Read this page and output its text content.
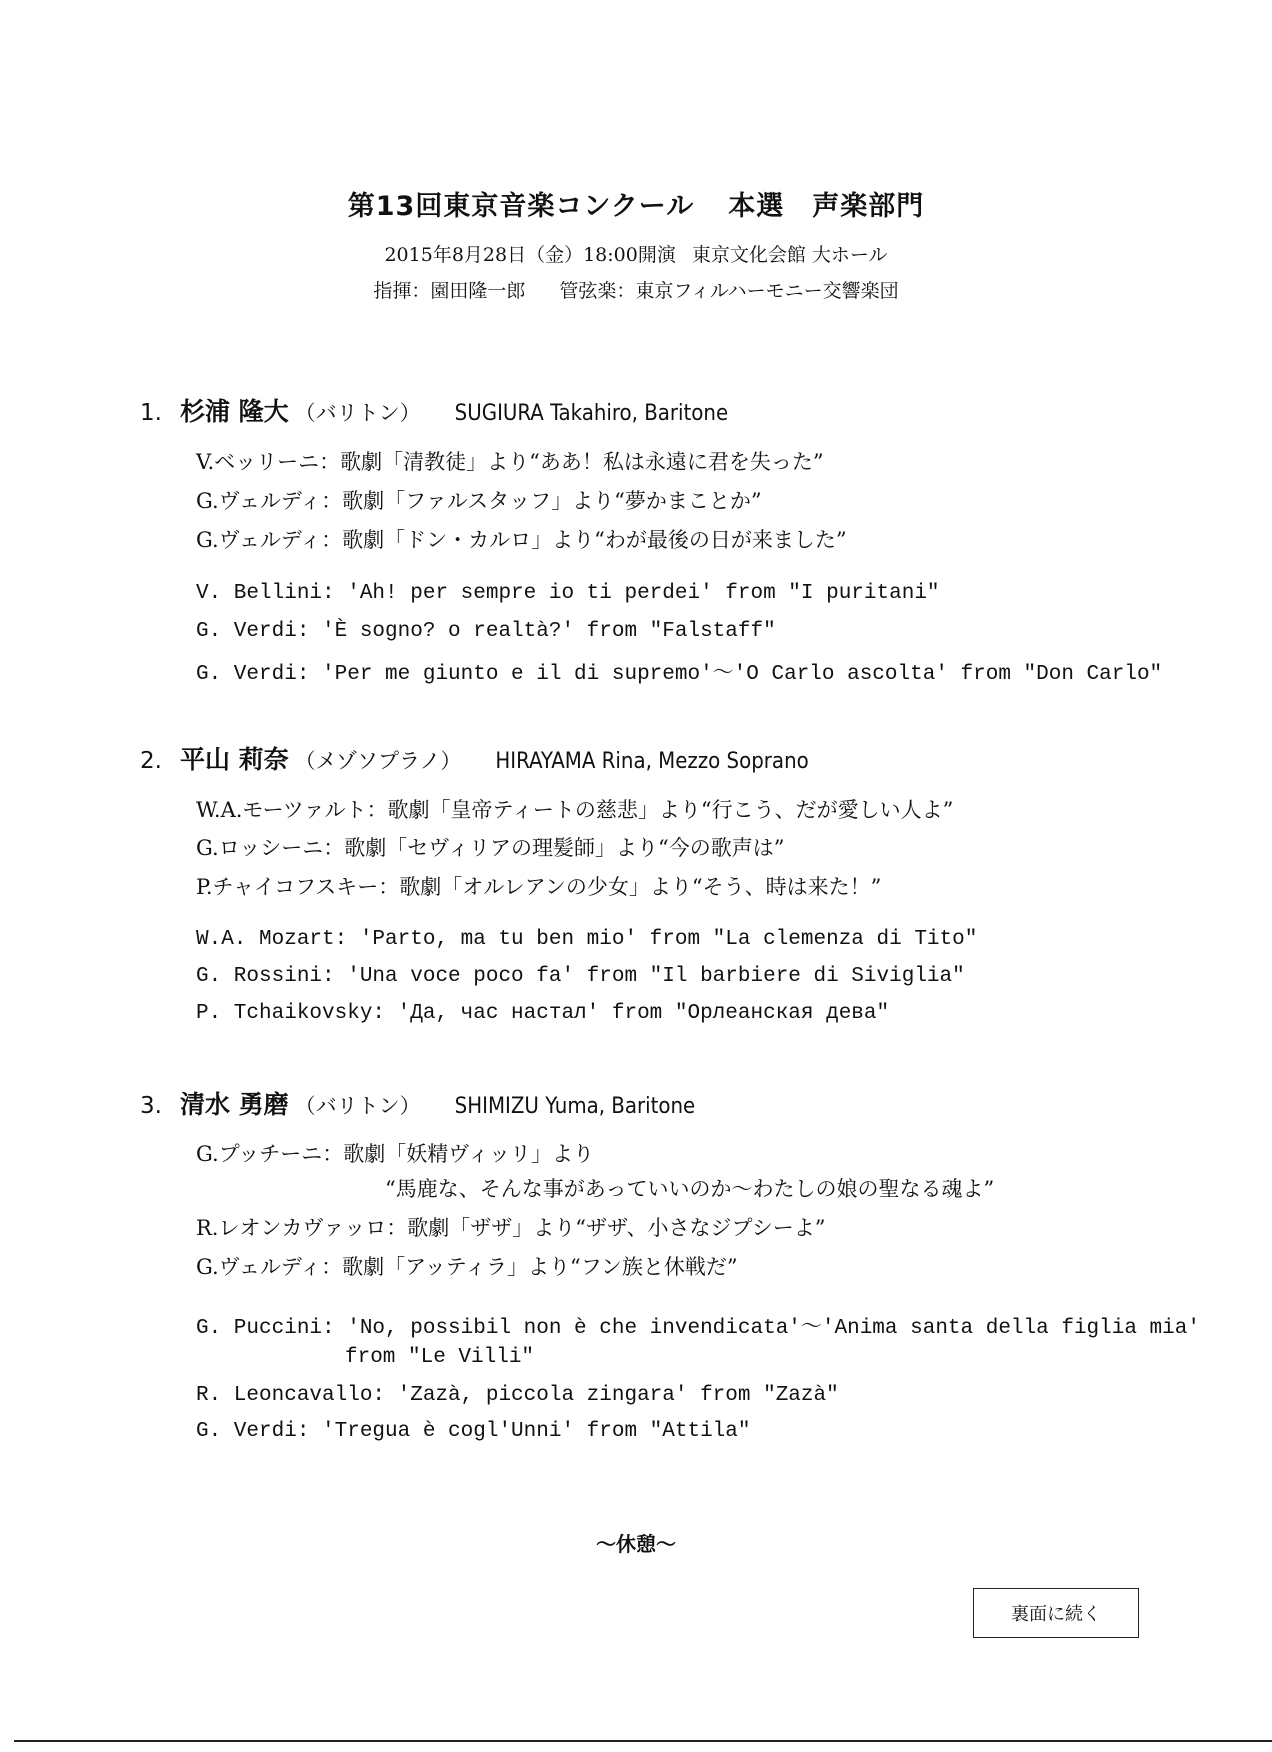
第13回東京音楽コンクール 本選 声楽部門
2015年8月28日（金）18:00開演 東京文化会館 大ホール
指揮：園田隆一郎 管弦楽：東京フィルハーモニー交響楽団
1. 杉浦 隆大 （バリトン） SUGIURA Takahiro, Baritone
V.ベッリーニ：歌劇「清教徒」より“ああ！私は永遠に君を失った”
G.ヴェルディ：歌劇「ファルスタッフ」より“夢かまことか”
G.ヴェルディ：歌劇「ドン・カルロ」より“わが最後の日が来ました”
V. Bellini: 'Ah! per sempre io ti perdei' from "I puritani"
G. Verdi: 'È sogno? o realtà?' from "Falstaff"
G. Verdi: 'Per me giunto e il di supremo'～'O Carlo ascolta' from "Don Carlo"
2. 平山 莉奈 （メゾソプラノ） HIRAYAMA Rina, Mezzo Soprano
W.A.モーツァルト：歌劇「皇帝ティートの慈悲」より“行こう、だが愛しい人よ”
G.ロッシーニ：歌劇「セヴィリアの理髪師」より“今の歌声は”
P.チャイコフスキー：歌劇「オルレアンの少女」より“そう、時は来た！”
W.A. Mozart: 'Parto, ma tu ben mio' from "La clemenza di Tito"
G. Rossini: 'Una voce poco fa' from "Il barbiere di Siviglia"
P. Tchaikovsky: 'Да, час настал' from "Орлеанская дева"
3. 清水 勇磨 （バリトン） SHIMIZU Yuma, Baritone
G.プッチーニ：歌劇「妖精ヴィッリ」より
“馬鹿な、そんな事があっていいのか～わたしの娘の聖なる魂よ”
R.レオンカヴァッロ：歌劇「ザザ」より“ザザ、小さなジプシーよ”
G.ヴェルディ：歌劇「アッティラ」より“フン族と休戦だ”
G. Puccini: 'No, possibil non è che invendicata'～'Anima santa della figlia mia'
from "Le Villi"
R. Leoncavallo: 'Zazà, piccola zingara' from "Zazà"
G. Verdi: 'Tregua è cogl'Unni' from "Attila"
～休憩～
裏面に続く
